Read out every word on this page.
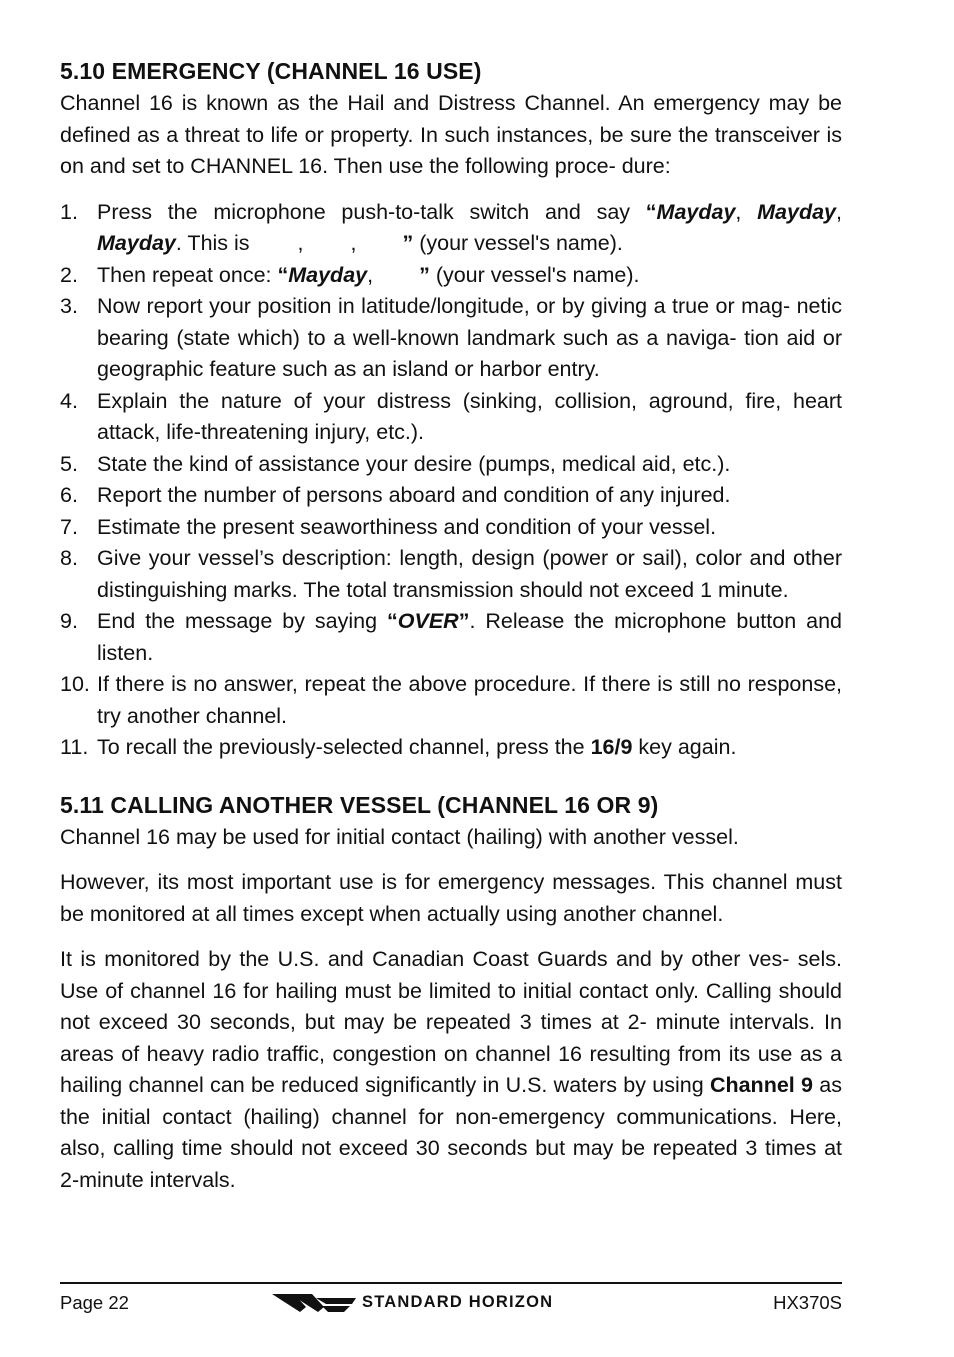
5.10 EMERGENCY (CHANNEL 16 USE)

Channel 16 is known as the Hail and Distress Channel. An emergency may be defined as a threat to life or property. In such instances, be sure the transceiver is on and set to CHANNEL 16. Then use the following proce- dure:

1. Press the microphone push-to-talk switch and say “Mayday, Mayday, Mayday. This is , , ” (your vessel's name).
2. Then repeat once: “Mayday, ” (your vessel's name).
3. Now report your position in latitude/longitude, or by giving a true or mag- netic bearing (state which) to a well-known landmark such as a naviga- tion aid or geographic feature such as an island or harbor entry.
4. Explain the nature of your distress (sinking, collision, aground, fire, heart attack, life-threatening injury, etc.).
5. State the kind of assistance your desire (pumps, medical aid, etc.).
6. Report the number of persons aboard and condition of any injured.
7. Estimate the present seaworthiness and condition of your vessel.
8. Give your vessel’s description: length, design (power or sail), color and other distinguishing marks. The total transmission should not exceed 1 minute.
9. End the message by saying “OVER”. Release the microphone button and listen.
10. If there is no answer, repeat the above procedure. If there is still no response, try another channel.
11. To recall the previously-selected channel, press the 16/9 key again.
5.11 CALLING ANOTHER VESSEL (CHANNEL 16 OR 9)

Channel 16 may be used for initial contact (hailing) with another vessel.

However, its most important use is for emergency messages. This channel must be monitored at all times except when actually using another channel.

It is monitored by the U.S. and Canadian Coast Guards and by other ves- sels. Use of channel 16 for hailing must be limited to initial contact only. Calling should not exceed 30 seconds, but may be repeated 3 times at 2- minute intervals. In areas of heavy radio traffic, congestion on channel 16 resulting from its use as a hailing channel can be reduced significantly in U.S. waters by using Channel 9 as the initial contact (hailing) channel for non-emergency communications. Here, also, calling time should not exceed 30 seconds but may be repeated 3 times at 2-minute intervals.

Page 22	STANDARD HORIZON	HX370S
